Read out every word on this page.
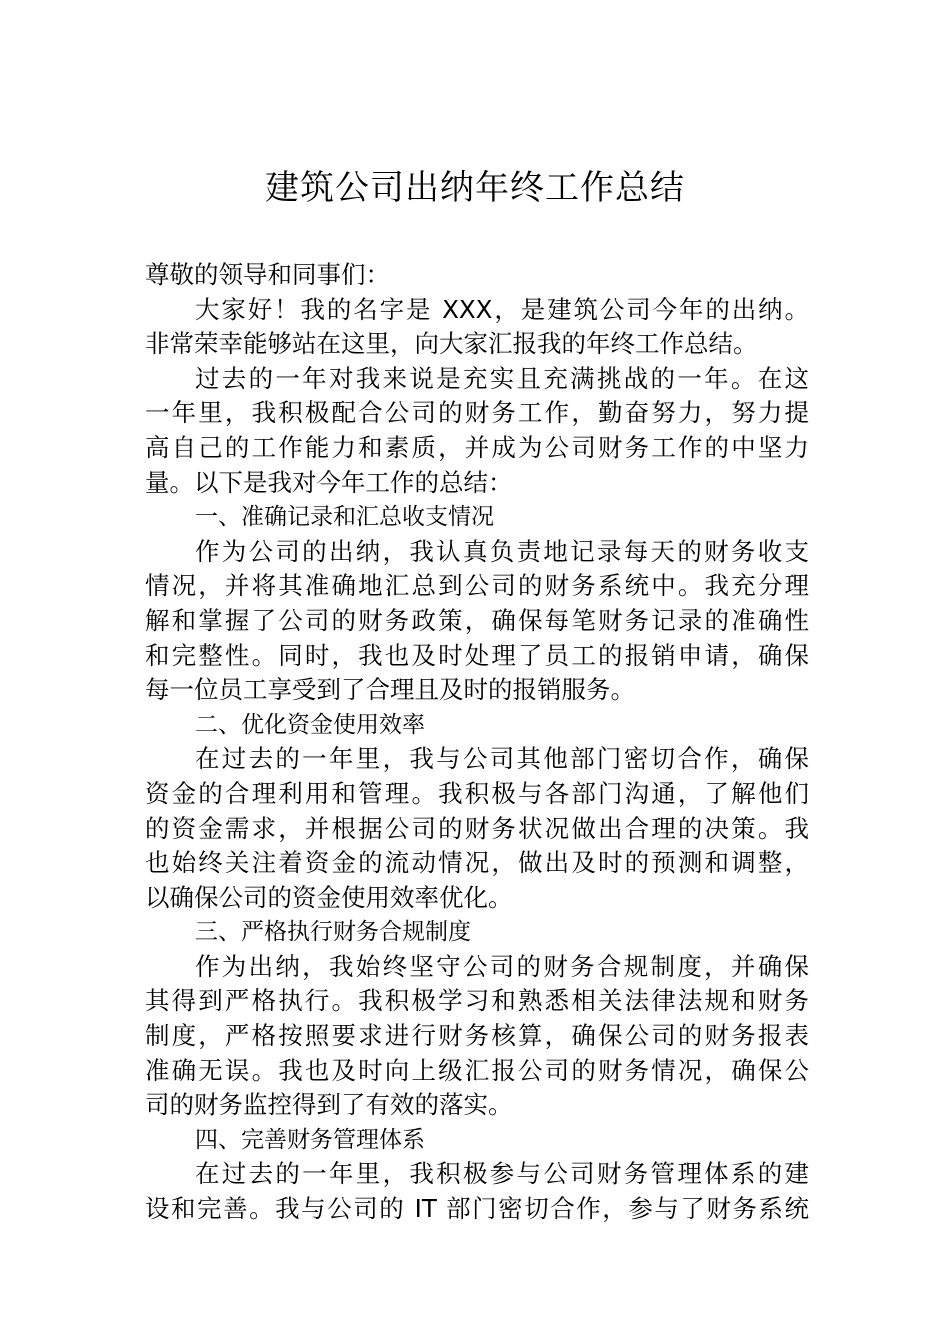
建筑公司出纳年终工作总结
尊敬的领导和同事们：
大家好！我的名字是 XXX，是建筑公司今年的出纳。
非常荣幸能够站在这里，向大家汇报我的年终工作总结。
过去的一年对我来说是充实且充满挑战的一年。在这
一年里，我积极配合公司的财务工作，勤奋努力，努力提
高自己的工作能力和素质，并成为公司财务工作的中坚力
量。以下是我对今年工作的总结：
一、准确记录和汇总收支情况
作为公司的出纳，我认真负责地记录每天的财务收支
情况，并将其准确地汇总到公司的财务系统中。我充分理
解和掌握了公司的财务政策，确保每笔财务记录的准确性
和完整性。同时，我也及时处理了员工的报销申请，确保
每一位员工享受到了合理且及时的报销服务。
二、优化资金使用效率
在过去的一年里，我与公司其他部门密切合作，确保
资金的合理利用和管理。我积极与各部门沟通，了解他们
的资金需求，并根据公司的财务状况做出合理的决策。我
也始终关注着资金的流动情况，做出及时的预测和调整，
以确保公司的资金使用效率优化。
三、严格执行财务合规制度
作为出纳，我始终坚守公司的财务合规制度，并确保
其得到严格执行。我积极学习和熟悉相关法律法规和财务
制度，严格按照要求进行财务核算，确保公司的财务报表
准确无误。我也及时向上级汇报公司的财务情况，确保公
司的财务监控得到了有效的落实。
四、完善财务管理体系
在过去的一年里，我积极参与公司财务管理体系的建
设和完善。我与公司的 IT 部门密切合作，参与了财务系统
